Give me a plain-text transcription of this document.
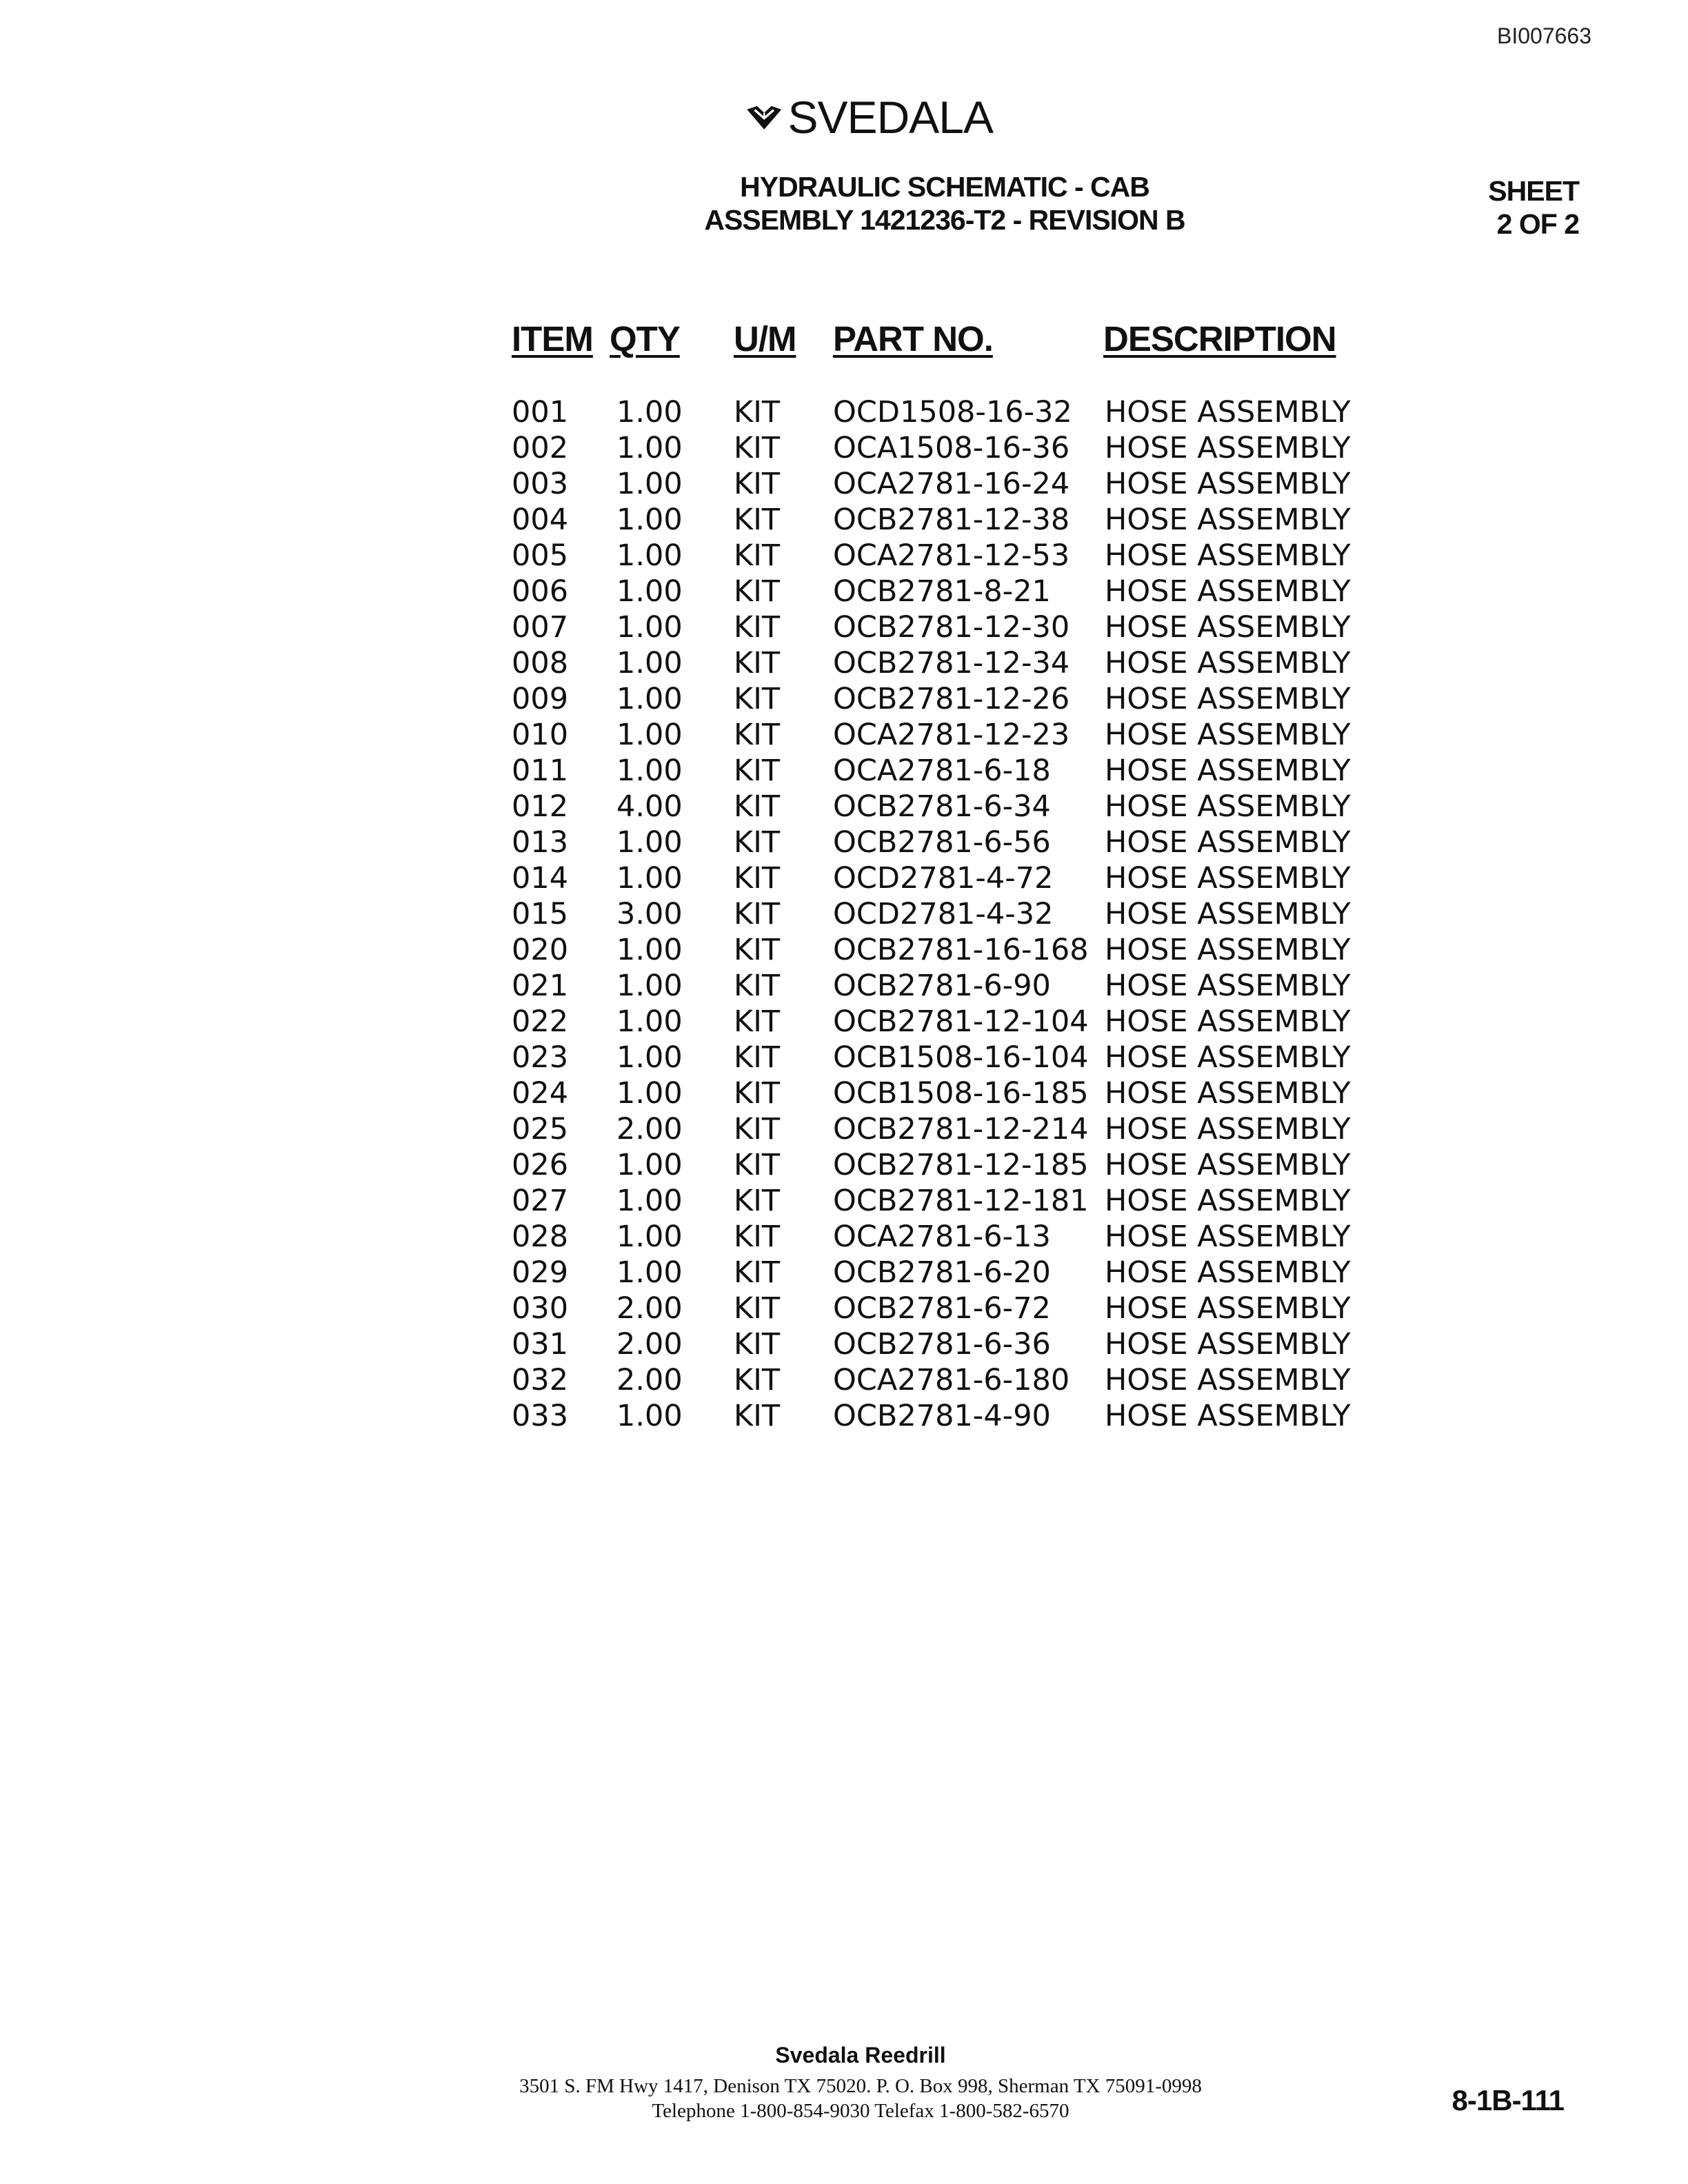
BI007663
SVEDALA
HYDRAULIC SCHEMATIC - CAB
ASSEMBLY 1421236-T2 - REVISION B
SHEET
2 OF 2
ITEM QTY U/M PART NO.	DESCRIPTION
001 1.00 KIT OCD1508-16-32 HOSE ASSEMBLY
002 1.00 KIT OCA1508-16-36 HOSE ASSEMBLY
003 1.00 KIT OCA2781-16-24 HOSE ASSEMBLY
004 1.00 KIT OCB2781-12-38 HOSE ASSEMBLY
005 1.00 KIT OCA2781-12-53 HOSE ASSEMBLY
006 1.00 KIT OCB2781-8-21 HOSE ASSEMBLY
007 1.00 KIT OCB2781-12-30 HOSE ASSEMBLY
008 1.00 KIT OCB2781-12-34 HOSE ASSEMBLY
009 1.00 KIT OCB2781-12-26 HOSE ASSEMBLY
010 1.00 KIT OCA2781-12-23 HOSE ASSEMBLY
011 1.00 KIT OCA2781-6-18 HOSE ASSEMBLY
012 4.00 KIT OCB2781-6-34 HOSE ASSEMBLY
013 1.00 KIT OCB2781-6-56 HOSE ASSEMBLY
014 1.00 KIT OCD2781-4-72 HOSE ASSEMBLY
015 3.00 KIT OCD2781-4-32 HOSE ASSEMBLY
020 1.00 KIT OCB2781-16-168 HOSE ASSEMBLY
021 1.00 KIT OCB2781-6-90 HOSE ASSEMBLY
022 1.00 KIT OCB2781-12-104 HOSE ASSEMBLY
023 1.00 KIT OCB1508-16-104 HOSE ASSEMBLY
024 1.00 KIT OCB1508-16-185 HOSE ASSEMBLY
025 2.00 KIT OCB2781-12-214 HOSE ASSEMBLY
026 1.00 KIT OCB2781-12-185 HOSE ASSEMBLY
027 1.00 KIT OCB2781-12-181 HOSE ASSEMBLY
028 1.00 KIT OCA2781-6-13 HOSE ASSEMBLY
029 1.00 KIT OCB2781-6-20 HOSE ASSEMBLY
030 2.00 KIT OCB2781-6-72 HOSE ASSEMBLY
031 2.00 KIT OCB2781-6-36 HOSE ASSEMBLY
032 2.00 KIT OCA2781-6-180 HOSE ASSEMBLY
033 1.00 KIT OCB2781-4-90 HOSE ASSEMBLY
Svedala Reedrill
3501 S. FM Hwy 1417, Denison TX 75020. P. O. Box 998, Sherman TX 75091-0998
Telephone 1-800-854-9030 Telefax 1-800-582-6570	8-1B-111
